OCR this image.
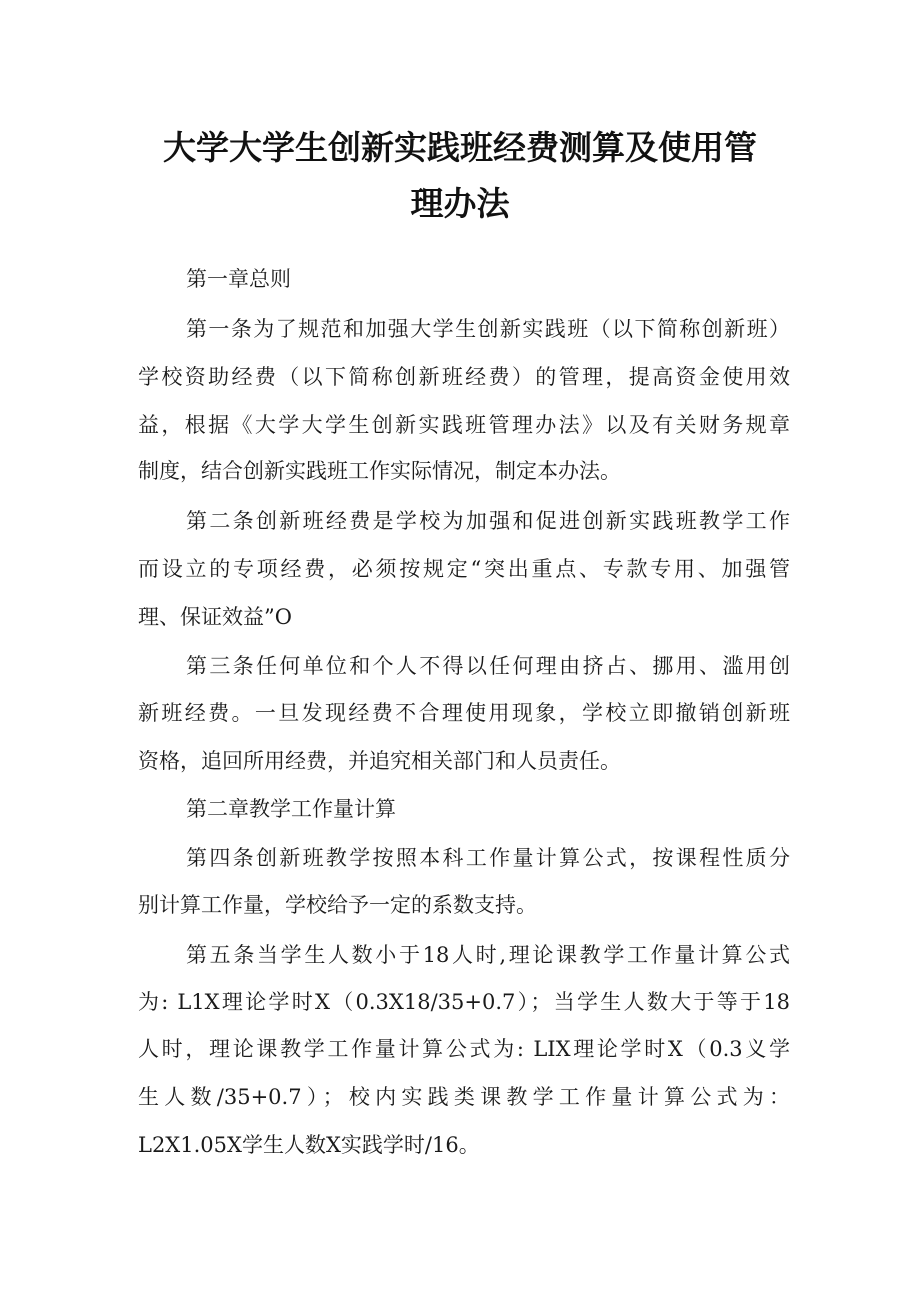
大学大学生创新实践班经费测算及使用管
理办法
第一章总则
第一条为了规范和加强大学生创新实践班（以下简称创新班）
学校资助经费（以下简称创新班经费）的管理，提高资金使用效
益，根据《大学大学生创新实践班管理办法》以及有关财务规章
制度，结合创新实践班工作实际情况，制定本办法。
第二条创新班经费是学校为加强和促进创新实践班教学工作
而设立的专项经费，必须按规定“突出重点、专款专用、加强管
理、保证效益”O
第三条任何单位和个人不得以任何理由挤占、挪用、滥用创
新班经费。一旦发现经费不合理使用现象，学校立即撤销创新班
资格，追回所用经费，并追究相关部门和人员责任。
第二章教学工作量计算
第四条创新班教学按照本科工作量计算公式，按课程性质分
别计算工作量，学校给予一定的系数支持。
第五条当学生人数小于18人时,理论课教学工作量计算公式
为: L1X理论学时X（0.3X18/35+0.7）；当学生人数大于等于18
人时，理论课教学工作量计算公式为: LIX理论学时X（0.3义学
生人数/35+0.7）；校内实践类课教学工作量计算公式为：
L2X1.05X学生人数X实践学时/16。
